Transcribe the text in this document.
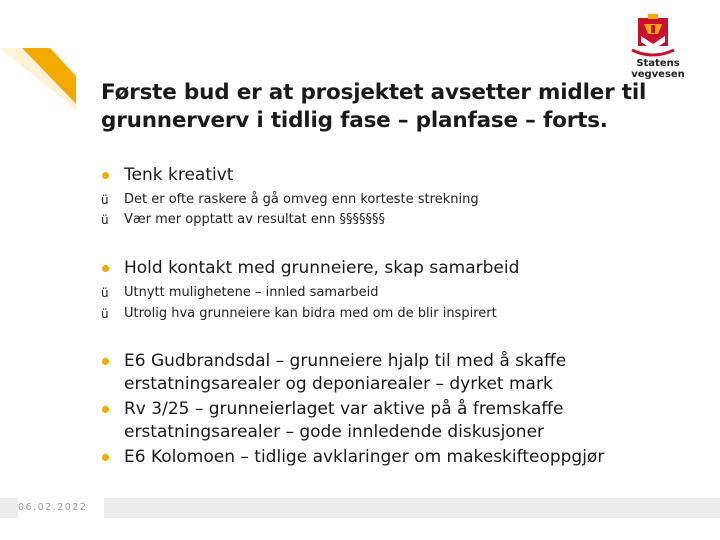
Statens vegvesen
Første bud er at prosjektet avsetter midler til
grunnerverv i tidlig fase – planfase – forts.
Tenk kreativt
ü Det er ofte raskere å gå omveg enn korteste strekning
ü Vær mer opptatt av resultat enn §§§§§§§
Hold kontakt med grunneiere, skap samarbeid
ü Utnytt mulighetene – innled samarbeid
ü Utrolig hva grunneiere kan bidra med om de blir inspirert
E6 Gudbrandsdal – grunneiere hjalp til med å skaffe
erstatningsarealer og deponiarealer – dyrket mark
Rv 3/25 – grunneierlaget var aktive på å fremskaffe
erstatningsarealer – gode innledende diskusjoner
E6 Kolomoen – tidlige avklaringer om makeskifteoppgjør
06.02.2022
